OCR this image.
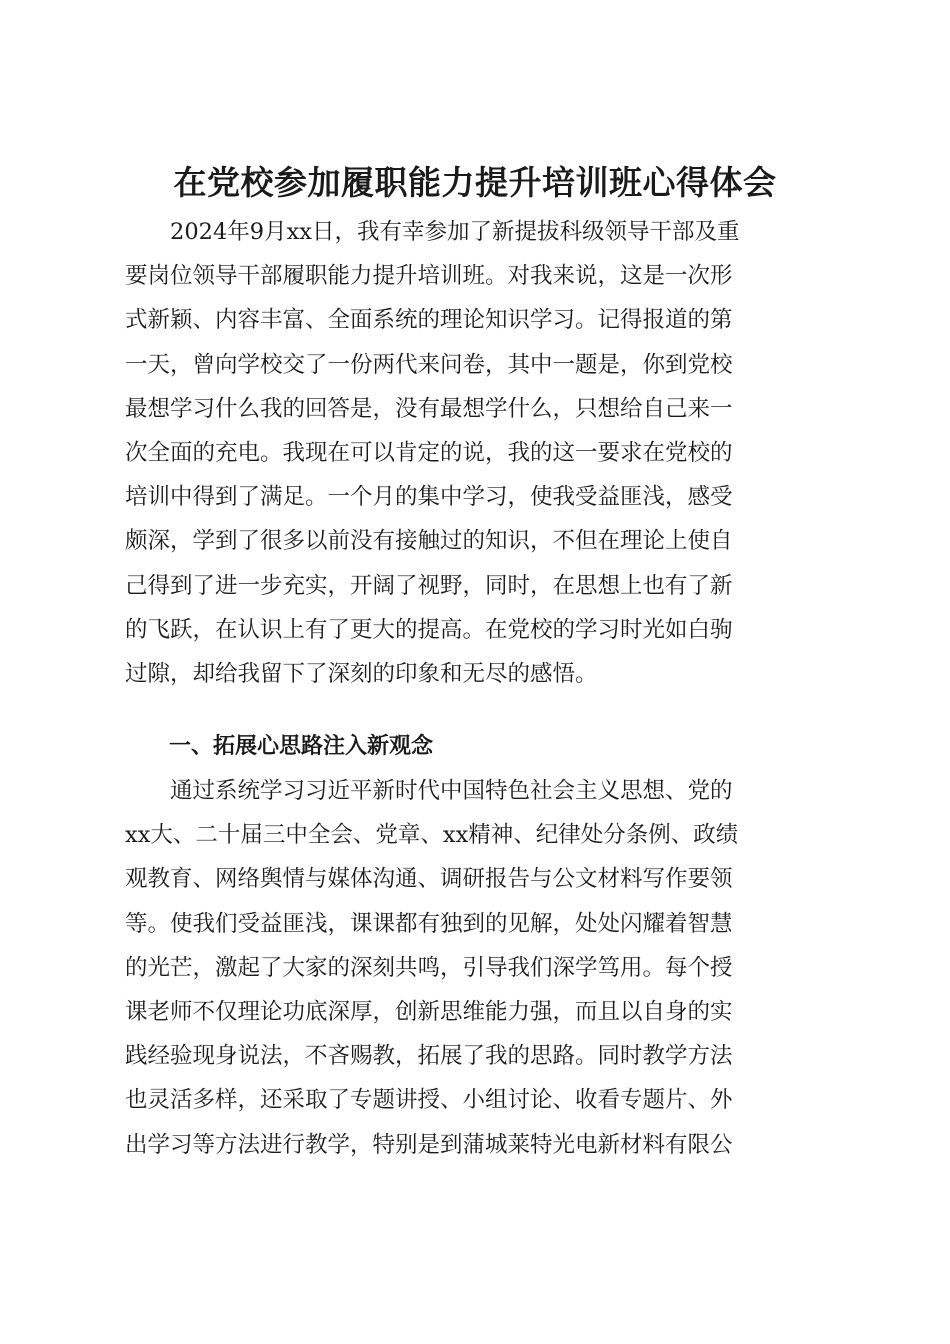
在党校参加履职能力提升培训班心得体会
　　2024年9月xx日，我有幸参加了新提拔科级领导干部及重
要岗位领导干部履职能力提升培训班。对我来说，这是一次形
式新颖、内容丰富、全面系统的理论知识学习。记得报道的第
一天，曾向学校交了一份两代来问卷，其中一题是，你到党校
最想学习什么我的回答是，没有最想学什么，只想给自己来一
次全面的充电。我现在可以肯定的说，我的这一要求在党校的
培训中得到了满足。一个月的集中学习，使我受益匪浅，感受
颇深，学到了很多以前没有接触过的知识，不但在理论上使自
己得到了进一步充实，开阔了视野，同时，在思想上也有了新
的飞跃，在认识上有了更大的提高。在党校的学习时光如白驹
过隙，却给我留下了深刻的印象和无尽的感悟。
一、拓展心思路注入新观念
　　通过系统学习习近平新时代中国特色社会主义思想、党的
xx大、二十届三中全会、党章、xx精神、纪律处分条例、政绩
观教育、网络舆情与媒体沟通、调研报告与公文材料写作要领
等。使我们受益匪浅，课课都有独到的见解，处处闪耀着智慧
的光芒，激起了大家的深刻共鸣，引导我们深学笃用。每个授
课老师不仅理论功底深厚，创新思维能力强，而且以自身的实
践经验现身说法，不吝赐教，拓展了我的思路。同时教学方法
也灵活多样，还采取了专题讲授、小组讨论、收看专题片、外
出学习等方法进行教学，特别是到蒲城莱特光电新材料有限公
